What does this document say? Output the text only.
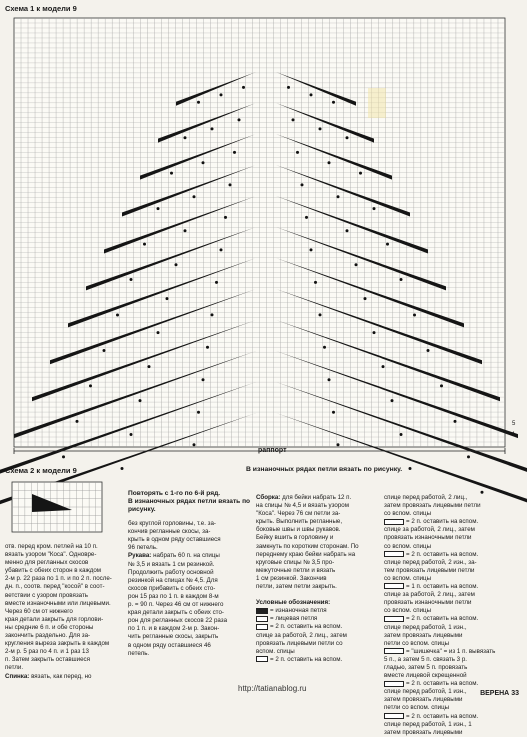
Схема 1 к модели 9
раппорт
5
1
Схема 2 к модели 9	В изнаночных рядах петли вязать по рисунку.

отв. перед кром. петлей на 10 п.

вязать узором "Коса". Одновре-

менно для регланных скосов

убавить с обеих сторон в каждом

2-м р. 22 раза по 1 п. и по 2 п. после-

дн. п., соотв. перед "косой" в соот-

ветствии с узором провязать

вместе изнаночными или лицевыми.

Через 60 см от нижнего

края детали закрыть для горлови-

ны средние 6 п. и обе стороны

закончить раздельно. Для за-

кругления выреза закрыть в каждом

2-м р. 5 раз по 4 п. и 1 раз 13

п. Затем закрыть оставшиеся

петли.

Спинка: вязать, как перед, но

Повторять с 1-го по 6-й ряд.

В изнаночных рядах петли вязать по рисунку.

без круглой горловины, т.е. за-

кончив регланные скосы, за-

крыть в одном ряду оставшиеся

96 петель.

Рукава: набрать 60 п. на спицы

№ 3,5 и вязать 1 см резинкой.

Продолжить работу основной

резинкой на спицах № 4,5. Для

скосов прибавить с обеих сто-

рон 15 раз по 1 п. в каждом 8-м

р. = 90 п. Через 46 см от нижнего

края детали закрыть с обеих сто-

рон для регланных скосов 22 раза

по 1 п. и в каждом 2-м р. Закон-

чить регланные скосы, закрыть

в одном ряду оставшиеся 46

петель.

Сборка: для бейки набрать 12 п.

на спицы № 4,5 и вязать узором

"Коса". Через 76 см петли за-

крыть. Выполнить регланные,

боковые швы и швы рукавов.

Бейку вшить в горловину и

замкнуть по коротким сторонам. По

переднему краю бейки набрать на

круговые спицы № 3,5 про-

межуточные петли и вязать

1 см резинкой. Закончив

петли, затем петли закрыть.

Условные обозначения:

= изнаночная петля

= лицевая петля

= 2 п. оставить на вспом.

спице за работой, 2 лиц., затем

провязать лицевыми петли со

вспом. спицы

= 2 п. оставить на вспом.

спице перед работой, 2 лиц.,

затем провязать лицевыми петли

со вспом. спицы

= 2 п. оставить на вспом.

спице за работой, 2 лиц., затем

провязать изнаночными петли

со вспом. спицы

= 2 п. оставить на вспом.

спице перед работой, 2 изн., за-

тем провязать лицевыми петли

со вспом. спицы

= 1 п. оставить на вспом.

спице за работой, 2 лиц., затем

провязать изнаночными петли

со вспом. спицы

= 2 п. оставить на вспом.

спице перед работой, 1 изн.,

затем провязать лицевыми

петли со вспом. спицы

= "шишечка" = из 1 п. вывязать

5 п., а затем 5 п. связать 3 р.

гладью, затем 5 п. провязать

вместе лицевой скрещенной

= 2 п. оставить на вспом.

спице перед работой, 1 изн.,

затем провязать лицевыми

петли со вспом. спицы

= 2 п. оставить на вспом.

спице перед работой, 1 изн., 1

затем провязать лицевыми

http://tatianablog.ru
ВЕРЕНА 33
